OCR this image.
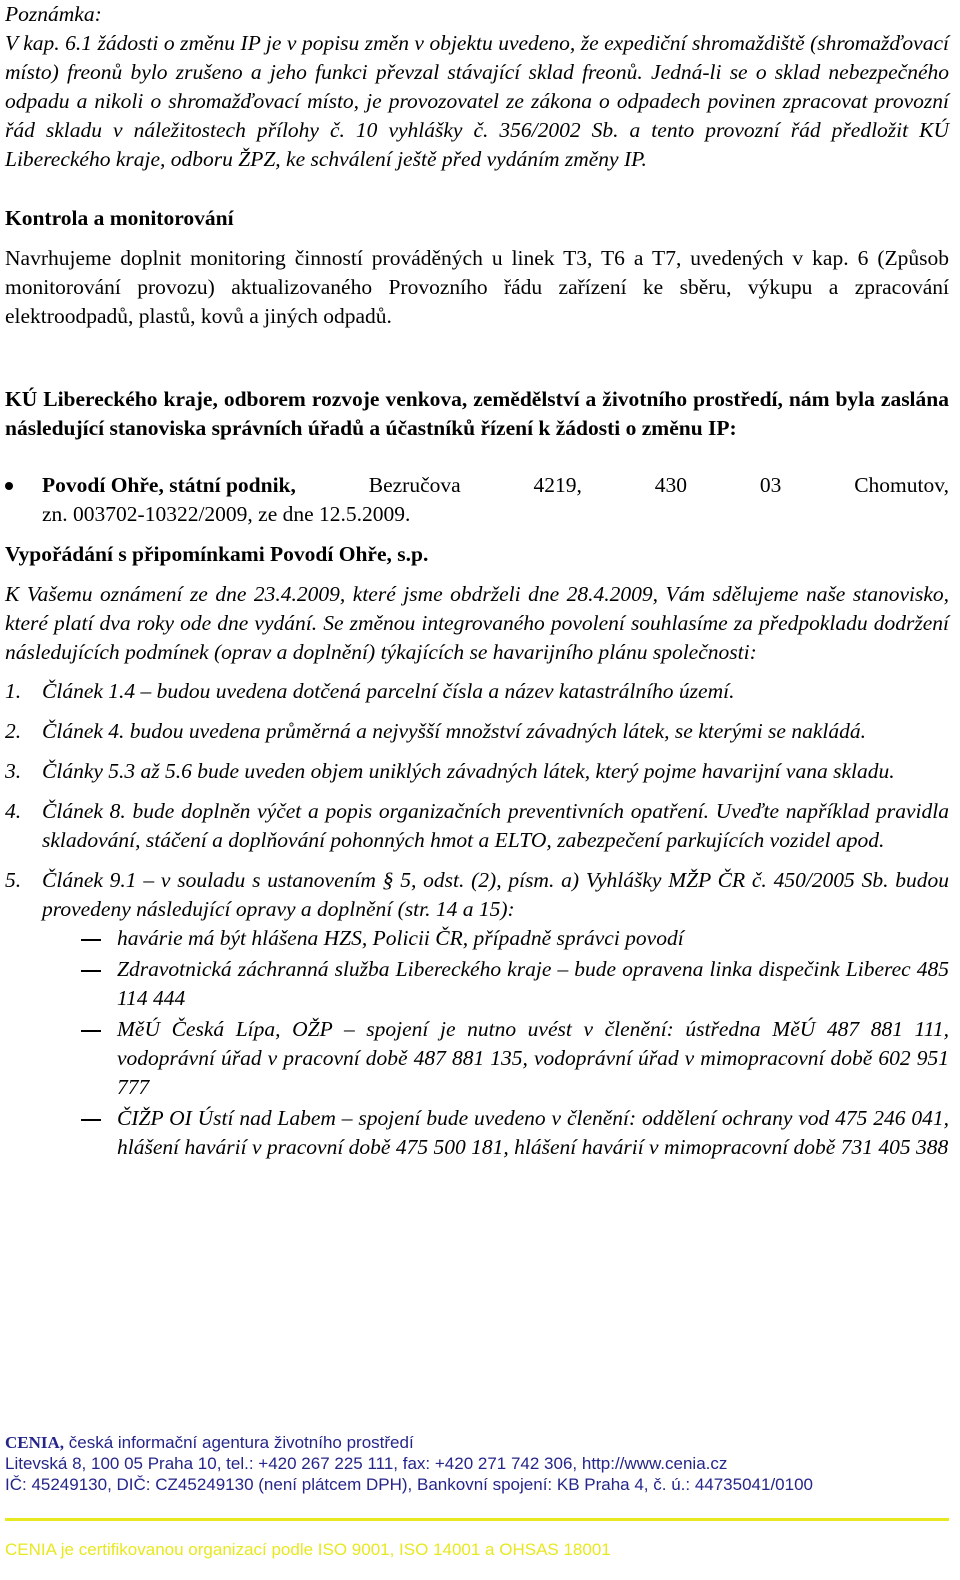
Poznámka:

V kap. 6.1 žádosti o změnu IP je v popisu změn v objektu uvedeno, že expediční shromaždiště (shromažďovací místo) freonů bylo zrušeno a jeho funkci převzal stávající sklad freonů. Jedná-li se o sklad nebezpečného odpadu a nikoli o shromažďovací místo, je provozovatel ze zákona o odpadech povinen zpracovat provozní řád skladu v náležitostech přílohy č. 10 vyhlášky č. 356/2002 Sb. a tento provozní řád předložit KÚ Libereckého kraje, odboru ŽPZ, ke schválení ještě před vydáním změny IP.

Kontrola a monitorování

Navrhujeme doplnit monitoring činností prováděných u linek T3, T6 a T7, uvedených v kap. 6 (Způsob monitorování provozu) aktualizovaného Provozního řádu zařízení ke sběru, výkupu a zpracování elektroodpadů, plastů, kovů a jiných odpadů.

KÚ Libereckého kraje, odborem rozvoje venkova, zemědělství a životního prostředí, nám byla zaslána následující stanoviska správních úřadů a účastníků řízení k žádosti o změnu IP:

Povodí Ohře, státní podnik,	Bezručova	4219,	430	03	Chomutov,
zn. 003702-10322/2009, ze dne 12.5.2009.

Vypořádání s připomínkami Povodí Ohře, s.p.

K Vašemu oznámení ze dne 23.4.2009, které jsme obdrželi dne 28.4.2009, Vám sdělujeme naše stanovisko, které platí dva roky ode dne vydání. Se změnou integrovaného povolení souhlasíme za předpokladu dodržení následujících podmínek (oprav a doplnění) týkajících se havarijního plánu společnosti:

1. Článek 1.4 – budou uvedena dotčená parcelní čísla a název katastrálního území.
2. Článek 4. budou uvedena průměrná a nejvyšší množství závadných látek, se kterými se nakládá.
3. Články 5.3 až 5.6 bude uveden objem uniklých závadných látek, který pojme havarijní vana skladu.
4. Článek 8. bude doplněn výčet a popis organizačních preventivních opatření. Uveďte například pravidla skladování, stáčení a doplňování pohonných hmot a ELTO, zabezpečení parkujících vozidel apod.
5. Článek 9.1 – v souladu s ustanovením § 5, odst. (2), písm. a) Vyhlášky MŽP ČR č. 450/2005 Sb. budou provedeny následující opravy a doplnění (str. 14 a 15):
havárie má být hlášena HZS, Policii ČR, případně správci povodí
Zdravotnická záchranná služba Libereckého kraje – bude opravena linka dispečink Liberec 485 114 444
MěÚ Česká Lípa, OŽP – spojení je nutno uvést v členění: ústředna MěÚ 487 881 111, vodoprávní úřad v pracovní době 487 881 135, vodoprávní úřad v mimopracovní době 602 951 777
ČIŽP OI Ústí nad Labem – spojení bude uvedeno v členění: oddělení ochrany vod 475 246 041, hlášení havárií v pracovní době 475 500 181, hlášení havárií v mimopracovní době 731 405 388
CENIA, česká informační agentura životního prostředí
Litevská 8, 100 05 Praha 10, tel.: +420 267 225 111, fax: +420 271 742 306, http://www.cenia.cz
IČ: 45249130, DIČ: CZ45249130 (není plátcem DPH), Bankovní spojení: KB Praha 4, č. ú.: 44735041/0100
CENIA je certifikovanou organizací podle ISO 9001, ISO 14001 a OHSAS 18001
